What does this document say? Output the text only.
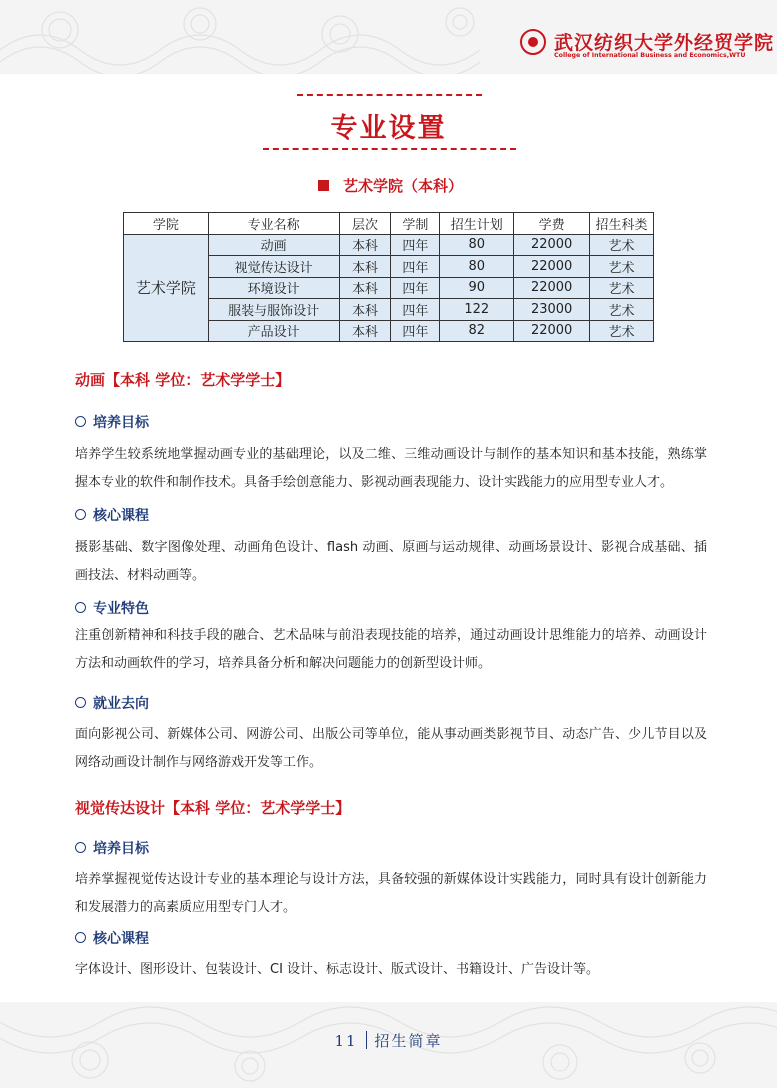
武汉纺织大学外经贸学院
College of International Business and Economics,WTU
专业设置
艺术学院（本科）
学院	专业名称	层次	学制	招生计划	学费	招生科类
艺术学院	动画	本科	四年	80	22000	艺术
	视觉传达设计	本科	四年	80	22000	艺术
	环境设计	本科	四年	90	22000	艺术
	服装与服饰设计	本科	四年	122	23000	艺术
	产品设计	本科	四年	82	22000	艺术
动画【本科 学位：艺术学学士】
培养目标
培养学生较系统地掌握动画专业的基础理论，以及二维、三维动画设计与制作的基本知识和基本技能，熟练掌握本专业的软件和制作技术。具备手绘创意能力、影视动画表现能力、设计实践能力的应用型专业人才。
核心课程
摄影基础、数字图像处理、动画角色设计、flash 动画、原画与运动规律、动画场景设计、影视合成基础、插画技法、材料动画等。
专业特色
注重创新精神和科技手段的融合、艺术品味与前沿表现技能的培养，通过动画设计思维能力的培养、动画设计方法和动画软件的学习，培养具备分析和解决问题能力的创新型设计师。
就业去向
面向影视公司、新媒体公司、网游公司、出版公司等单位，能从事动画类影视节目、动态广告、少儿节目以及网络动画设计制作与网络游戏开发等工作。
视觉传达设计【本科 学位：艺术学学士】
培养目标
培养掌握视觉传达设计专业的基本理论与设计方法，具备较强的新媒体设计实践能力，同时具有设计创新能力和发展潜力的高素质应用型专门人才。
核心课程
字体设计、图形设计、包装设计、CI 设计、标志设计、版式设计、书籍设计、广告设计等。
11 招生简章
